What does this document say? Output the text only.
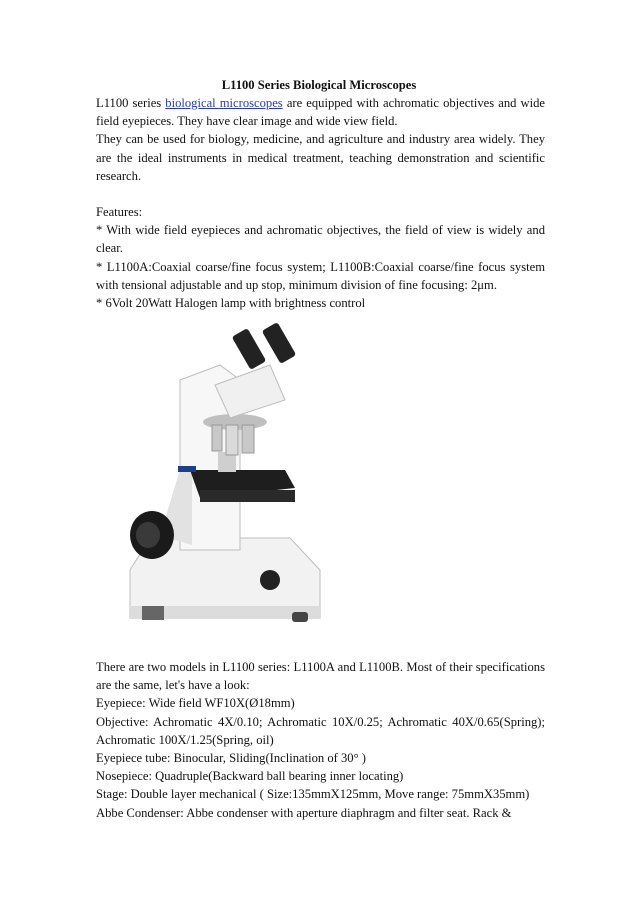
L1100 Series Biological Microscopes

L1100 series biological microscopes are equipped with achromatic objectives and wide field eyepieces. They have clear image and wide view field.

They can be used for biology, medicine, and agriculture and industry area widely. They are the ideal instruments in medical treatment, teaching demonstration and scientific research.

Features:

* With wide field eyepieces and achromatic objectives, the field of view is widely and clear.

* L1100A:Coaxial coarse/fine focus system; L1100B:Coaxial coarse/fine focus system with tensional adjustable and up stop, minimum division of fine focusing: 2μm.

* 6Volt 20Watt Halogen lamp with brightness control

There are two models in L1100 series: L1100A and L1100B. Most of their specifications are the same, let's have a look:

Eyepiece: Wide field WF10X(Ø18mm)

Objective: Achromatic 4X/0.10; Achromatic 10X/0.25; Achromatic 40X/0.65(Spring); Achromatic 100X/1.25(Spring, oil)

Eyepiece tube: Binocular, Sliding(Inclination of 30° )

Nosepiece: Quadruple(Backward ball bearing inner locating)

Stage: Double layer mechanical ( Size:135mmX125mm, Move range: 75mmX35mm)

Abbe Condenser: Abbe condenser with aperture diaphragm and filter seat. Rack &
